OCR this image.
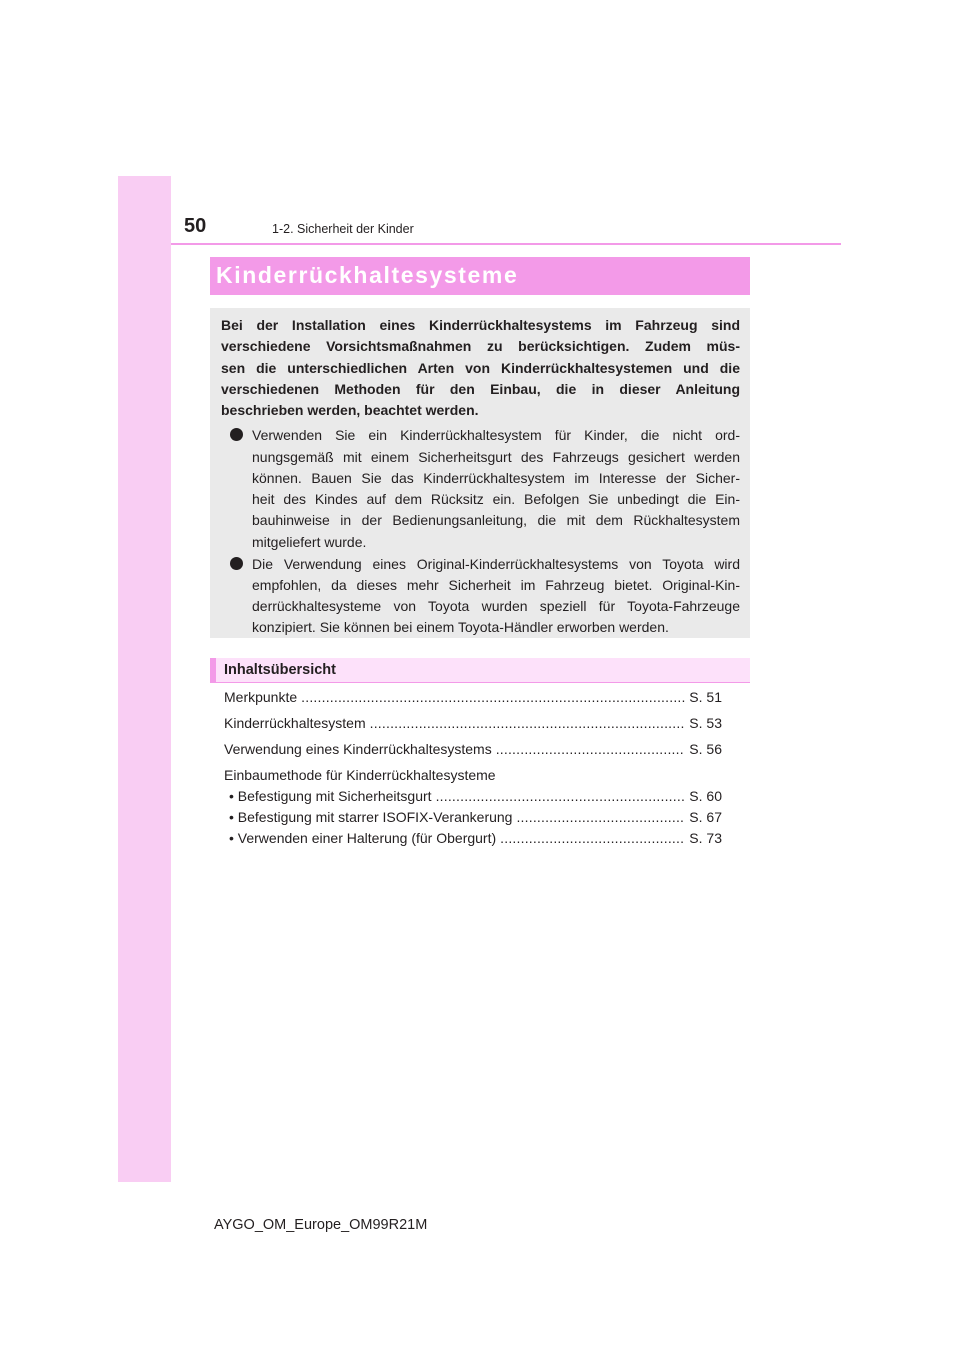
50	1-2. Sicherheit der Kinder
Kinderrückhaltesysteme

Bei der Installation eines Kinderrückhaltesystems im Fahrzeug sind
verschiedene Vorsichtsmaßnahmen zu berücksichtigen. Zudem müs-
sen die unterschiedlichen Arten von Kinderrückhaltesystemen und die
verschiedenen Methoden für den Einbau, die in dieser Anleitung
beschrieben werden, beachtet werden.

Verwenden Sie ein Kinderrückhaltesystem für Kinder, die nicht ord-
nungsgemäß mit einem Sicherheitsgurt des Fahrzeugs gesichert werden
können. Bauen Sie das Kinderrückhaltesystem im Interesse der Sicher-
heit des Kindes auf dem Rücksitz ein. Befolgen Sie unbedingt die Ein-
bauhinweise in der Bedienungsanleitung, die mit dem Rückhaltesystem
mitgeliefert wurde.
Die Verwendung eines Original-Kinderrückhaltesystems von Toyota wird
empfohlen, da dieses mehr Sicherheit im Fahrzeug bietet. Original-Kin-
derrückhaltesysteme von Toyota wurden speziell für Toyota-Fahrzeuge
konzipiert. Sie können bei einem Toyota-Händler erworben werden.
Inhaltsübersicht
Merkpunkte .....	S. 51
Kinderrückhaltesystem .....	S. 53
Verwendung eines Kinderrückhaltesystems .....	S. 56
Einbaumethode für Kinderrückhaltesysteme
• Befestigung mit Sicherheitsgurt .....	S. 60
• Befestigung mit starrer ISOFIX-Verankerung .....	S. 67
• Verwenden einer Halterung (für Obergurt) .....	S. 73
AYGO_OM_Europe_OM99R21M
